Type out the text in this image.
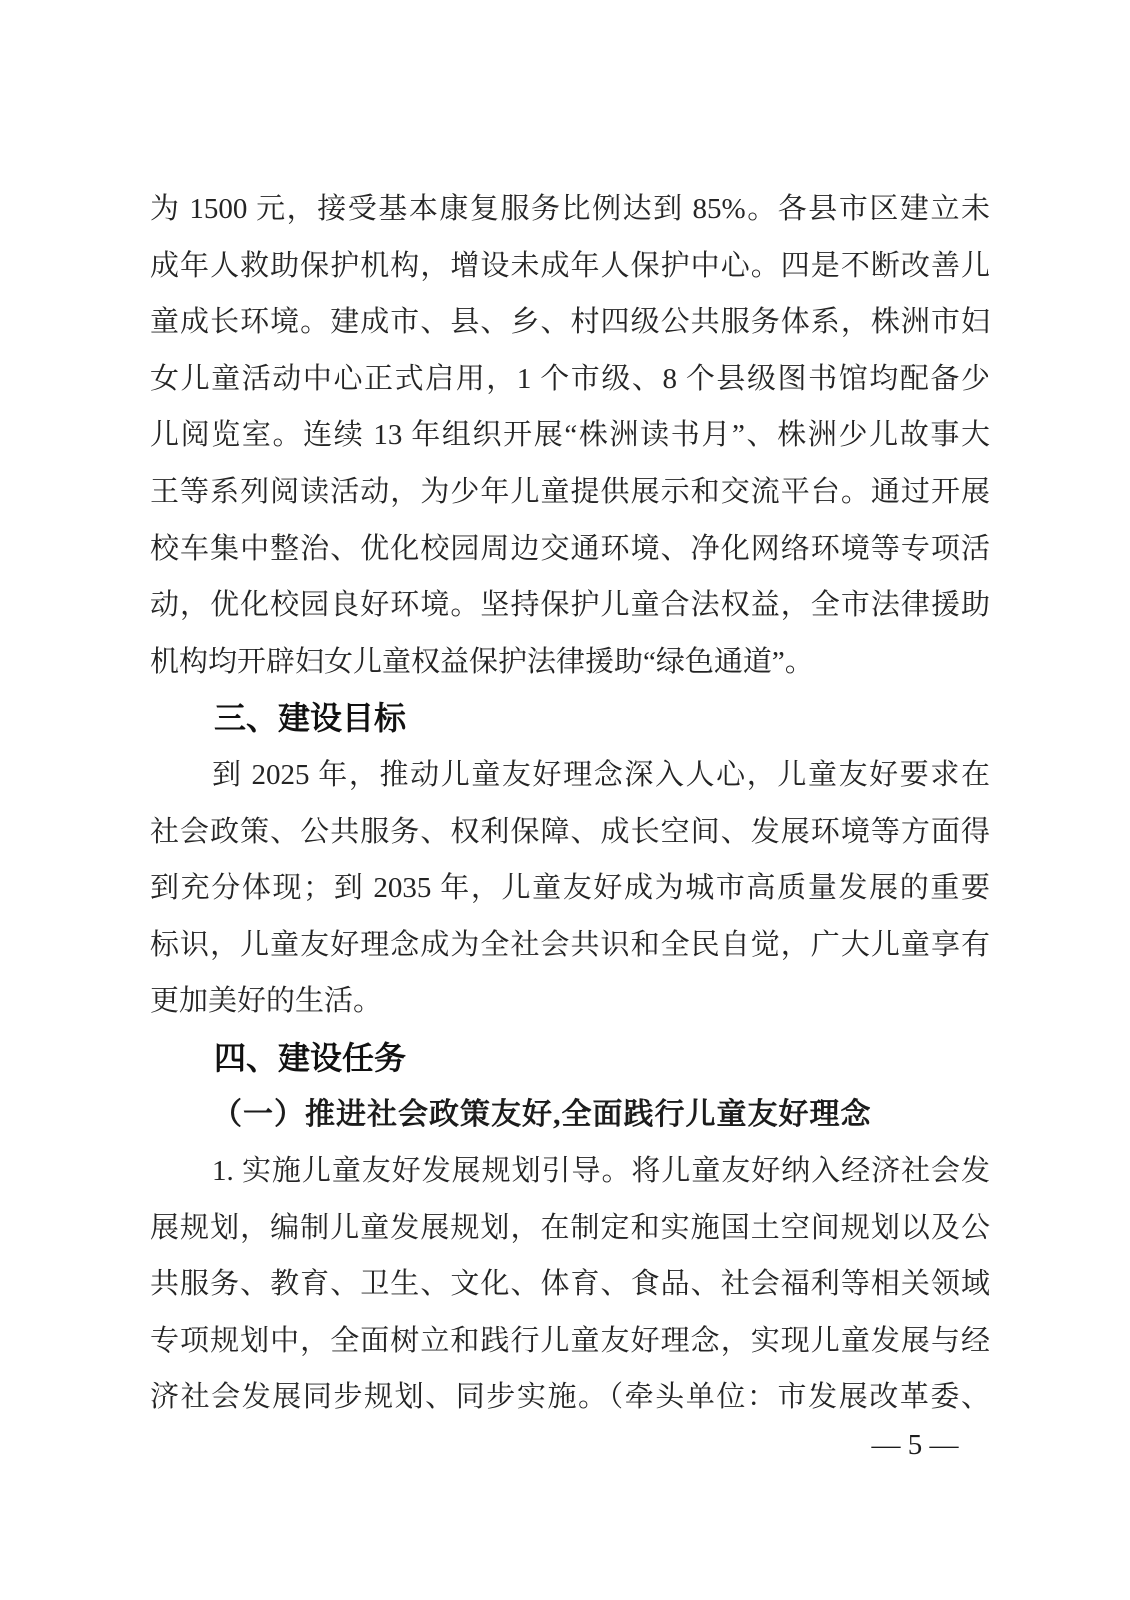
为 1500 元，接受基本康复服务比例达到 85%。各县市区建立未
成年人救助保护机构，增设未成年人保护中心。四是不断改善儿
童成长环境。建成市、县、乡、村四级公共服务体系，株洲市妇
女儿童活动中心正式启用，1 个市级、8 个县级图书馆均配备少
儿阅览室。连续 13 年组织开展“株洲读书月”、株洲少儿故事大
王等系列阅读活动，为少年儿童提供展示和交流平台。通过开展
校车集中整治、优化校园周边交通环境、净化网络环境等专项活
动，优化校园良好环境。坚持保护儿童合法权益，全市法律援助
机构均开辟妇女儿童权益保护法律援助“绿色通道”。
三、建设目标
到 2025 年，推动儿童友好理念深入人心，儿童友好要求在
社会政策、公共服务、权利保障、成长空间、发展环境等方面得
到充分体现；到 2035 年，儿童友好成为城市高质量发展的重要
标识，儿童友好理念成为全社会共识和全民自觉，广大儿童享有
更加美好的生活。
四、建设任务
（一）推进社会政策友好,全面践行儿童友好理念
1. 实施儿童友好发展规划引导。将儿童友好纳入经济社会发
展规划，编制儿童发展规划，在制定和实施国土空间规划以及公
共服务、教育、卫生、文化、体育、食品、社会福利等相关领域
专项规划中，全面树立和践行儿童友好理念，实现儿童发展与经
济社会发展同步规划、同步实施。（牵头单位：市发展改革委、
— 5 —
